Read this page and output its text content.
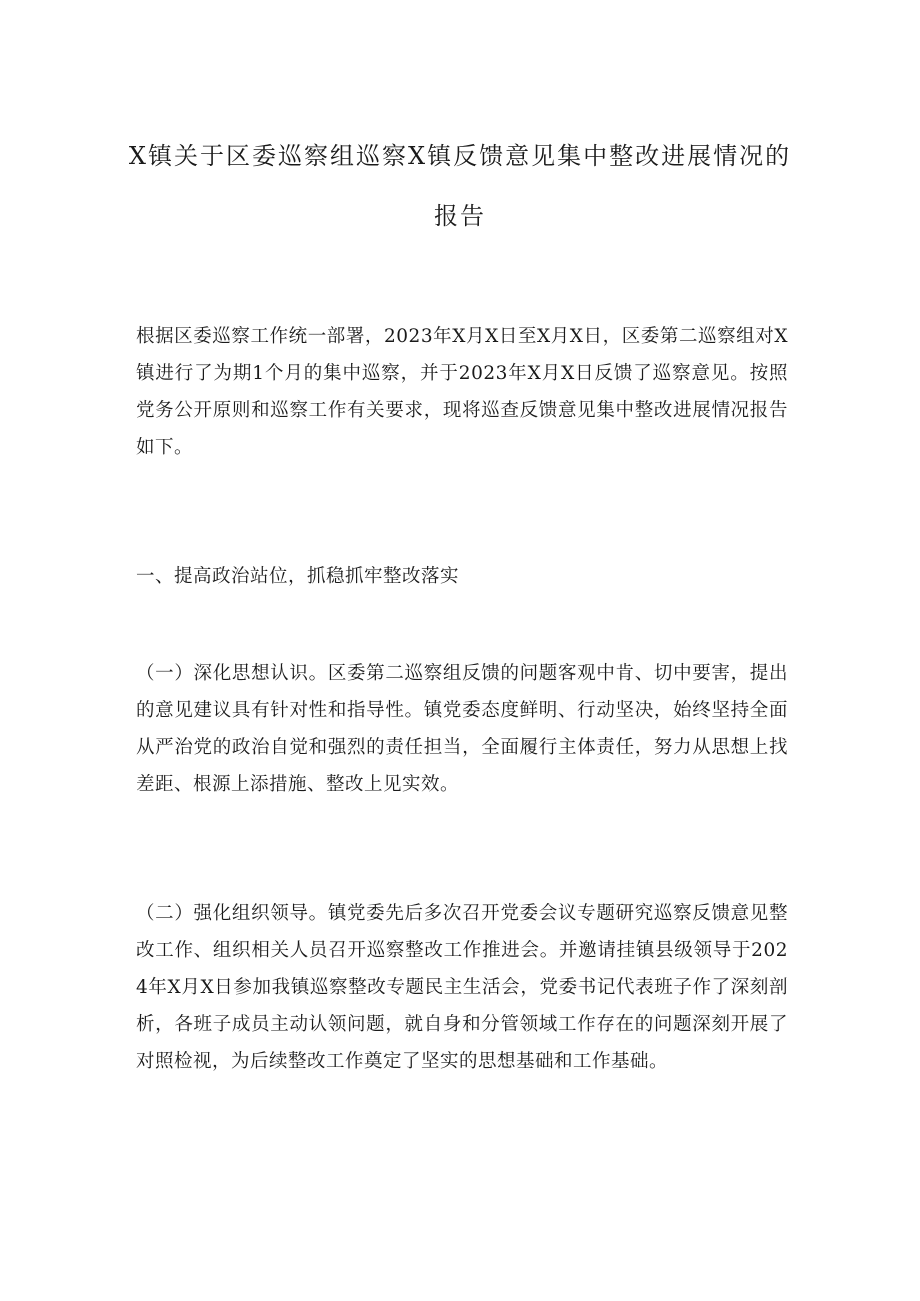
X镇关于区委巡察组巡察X镇反馈意见集中整改进展情况的
报告

根据区委巡察工作统一部署，2023年X月X日至X月X日，区委第二巡察组对X镇进行了为期1个月的集中巡察，并于2023年X月X日反馈了巡察意见。按照党务公开原则和巡察工作有关要求，现将巡查反馈意见集中整改进展情况报告如下。

一、提高政治站位，抓稳抓牢整改落实

（一）深化思想认识。区委第二巡察组反馈的问题客观中肯、切中要害，提出的意见建议具有针对性和指导性。镇党委态度鲜明、行动坚决，始终坚持全面从严治党的政治自觉和强烈的责任担当，全面履行主体责任，努力从思想上找差距、根源上添措施、整改上见实效。

（二）强化组织领导。镇党委先后多次召开党委会议专题研究巡察反馈意见整改工作、组织相关人员召开巡察整改工作推进会。并邀请挂镇县级领导于2024年X月X日参加我镇巡察整改专题民主生活会，党委书记代表班子作了深刻剖析，各班子成员主动认领问题，就自身和分管领域工作存在的问题深刻开展了对照检视，为后续整改工作奠定了坚实的思想基础和工作基础。
